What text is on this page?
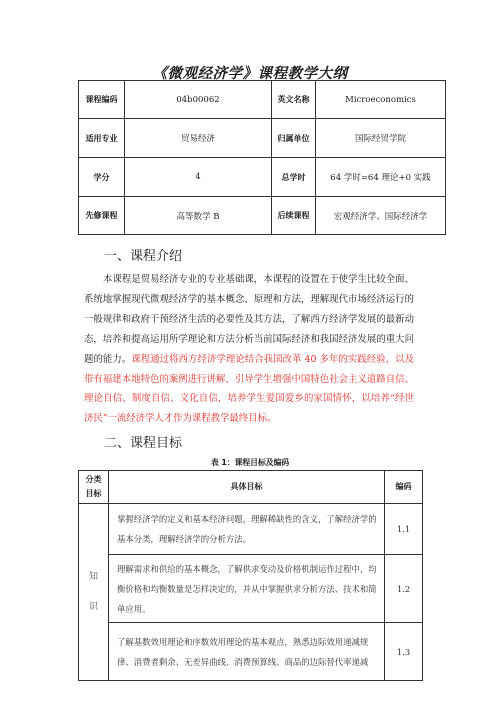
《微观经济学》课程教学大纲
课程编码	04b00062	英文名称	Microeconomics
适用专业	贸易经济	归属单位	国际经贸学院
学分	4	总学时	64 学时=64 理论+0 实践
先修课程	高等数学 B	后续课程	宏观经济学、国际经济学
一、课程介绍

本课程是贸易经济专业的专业基础课，本课程的设置在于使学生比较全面、系统地掌握现代微观经济学的基本概念、原理和方法，理解现代市场经济运行的一般规律和政府干预经济生活的必要性及其方法，了解西方经济学发展的最新动态，培养和提高运用所学理论和方法分析当前国际经济和我国经济发展的重大问题的能力。课程通过将西方经济学理论结合我国改革 40 多年的实践经验，以及带有福建本地特色的案例进行讲解，引导学生增强中国特色社会主义道路自信、理论自信、制度自信、文化自信，培养学生爱国爱乡的家国情怀，以培养“经世济民”一流经济学人才作为课程教学最终目标。

二、课程目标
表 1：课程目标及编码
分类目标	具体目标	编码
知识	掌握经济学的定义和基本经济问题，理解稀缺性的含义，了解经济学的基本分类，理解经济学的分析方法。	1.1
	理解需求和供给的基本概念，了解供求变动及价格机制运作过程中，均衡价格和均衡数量是怎样决定的，并从中掌握供求分析方法、技术和简单应用。	1.2
	了解基数效用理论和序数效用理论的基本观点，熟悉边际效用递减规律、消费者剩余、无差异曲线、消费预算线、商品的边际替代率递减	1.3
